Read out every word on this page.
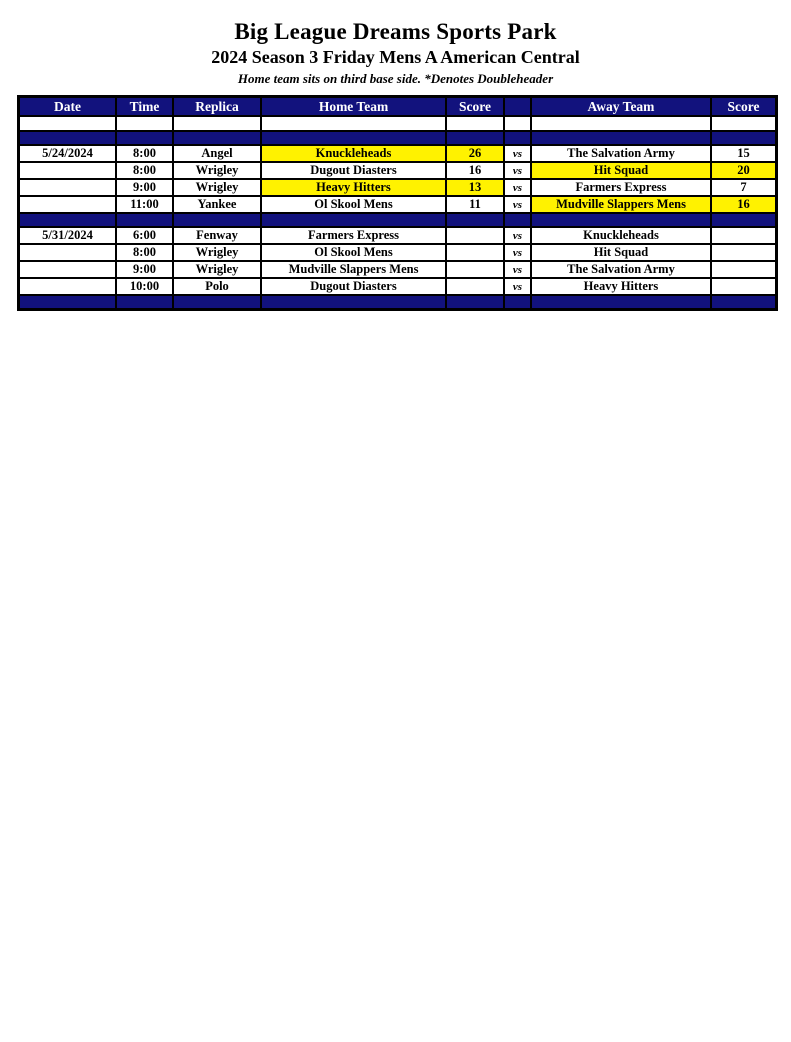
Big League Dreams Sports Park
2024 Season 3 Friday Mens A American Central

Home team sits on third base side. *Denotes Doubleheader

Date	Time	Replica	Home Team	Score		Away Team	Score

5/24/2024	8:00	Angel	Knuckleheads	26	vs	The Salvation Army	15
	8:00	Wrigley	Dugout Diasters	16	vs	Hit Squad	20
	9:00	Wrigley	Heavy Hitters	13	vs	Farmers Express	7
	11:00	Yankee	Ol Skool Mens	11	vs	Mudville Slappers Mens	16

5/31/2024	6:00	Fenway	Farmers Express		vs	Knuckleheads	
	8:00	Wrigley	Ol Skool Mens		vs	Hit Squad	
	9:00	Wrigley	Mudville Slappers Mens		vs	The Salvation Army	
	10:00	Polo	Dugout Diasters		vs	Heavy Hitters	
